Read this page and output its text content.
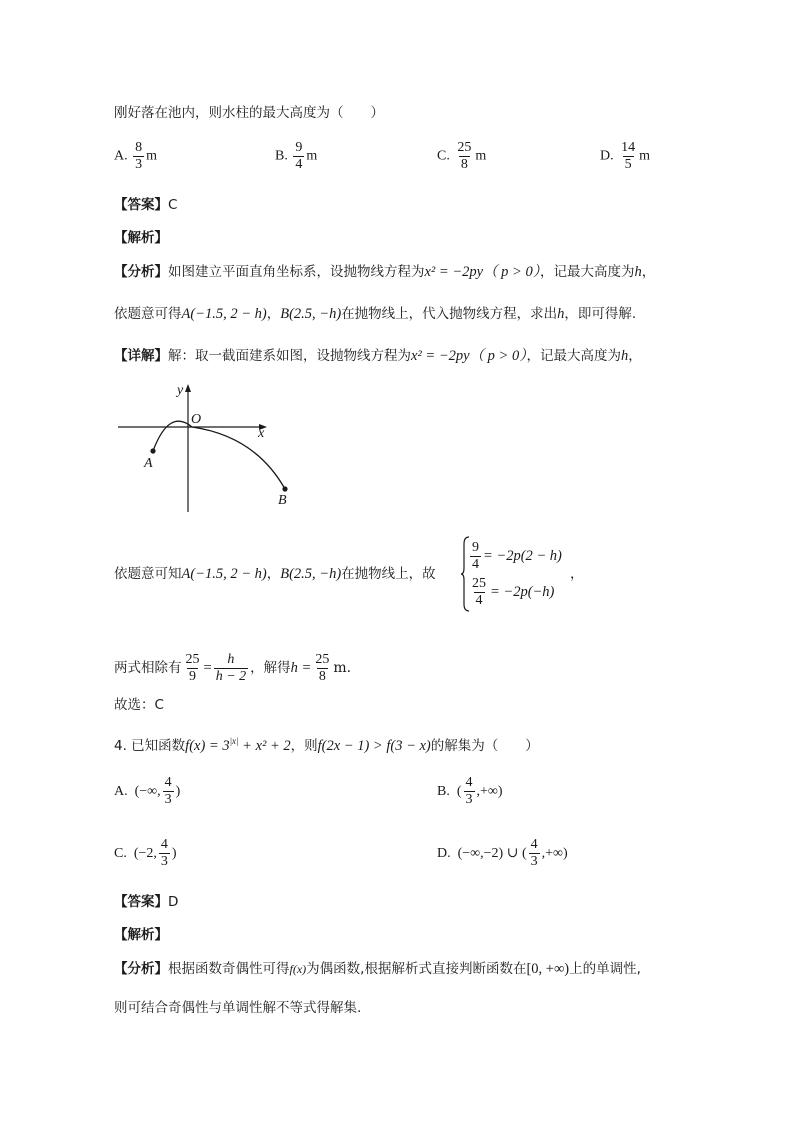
刚好落在池内，则水柱的最大高度为（　　）
A. $\frac{8}{3}$ m	B. $\frac{9}{4}$ m	C. $\frac{25}{8}$ m	D. $\frac{14}{5}$ m
【答案】C
【解析】
【分析】如图建立平面直角坐标系，设抛物线方程为x² = −2py（ p > 0），记最大高度为h，
依题意可得A(−1.5, 2 − h)，B(2.5, −h)在抛物线上，代入抛物线方程，求出h，即可得解.
【详解】解：取一截面建系如图，设抛物线方程为x² = −2py（ p > 0），记最大高度为h，
y
O
x
A
B
依题意可知A(−1.5, 2 − h)，B(2.5, −h)在抛物线上，故
$\frac{9}{4} = -2p(2 - h)$
$\frac{25}{4} = -2p(-h)$
，
两式相除有 $\frac{25}{9} = \frac{h}{h - 2}$ ，解得 $h = \frac{25}{8}$ m .
故选：C
4. 已知函数$f(x) = 3^{|x|} + x^2 + 2$，则f(2x − 1) > f(3 − x)的解集为（　　）
A.
(−∞, $\frac{4}{3}$ )	B.
( $\frac{4}{3}$ ,+∞)
C.
(−2, $\frac{4}{3}$ )	D.
(−∞,−2) ∪ ( $\frac{4}{3}$ ,+∞)
【答案】D
【解析】
【分析】根据函数奇偶性可得f(x)为偶函数,根据解析式直接判断函数在[0, +∞)上的单调性,
则可结合奇偶性与单调性解不等式得解集.
